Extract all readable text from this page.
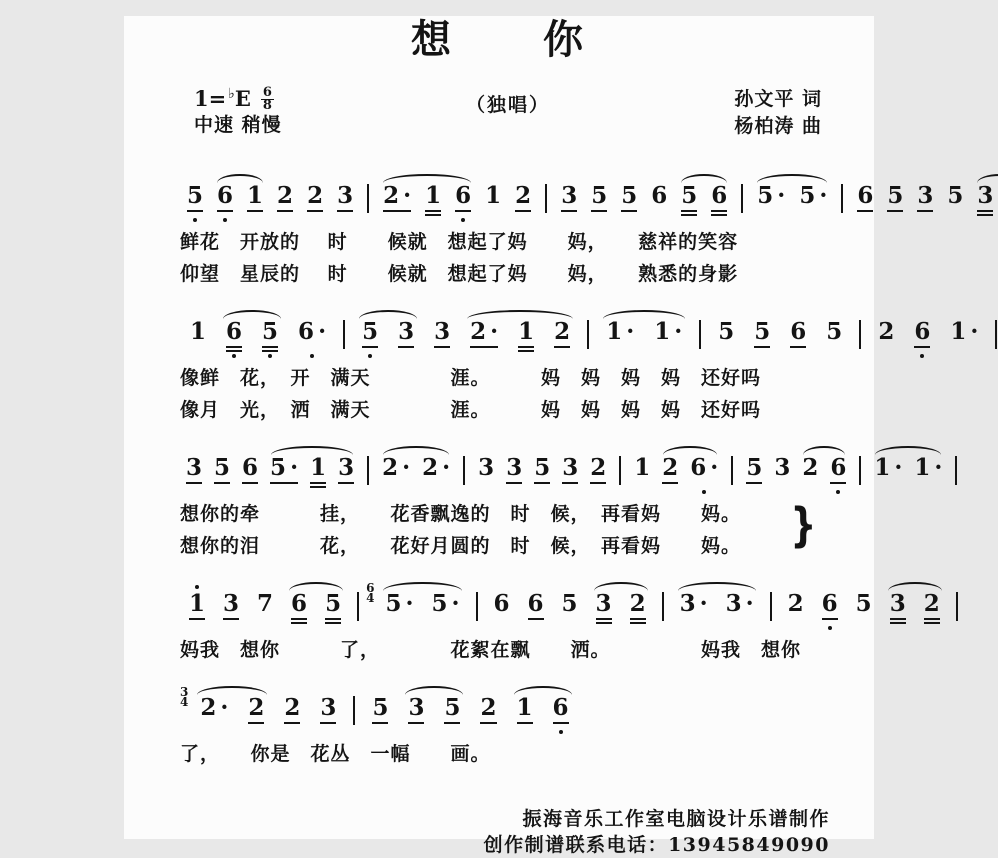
想　　你
1 = ♭ E 6
8
中速 稍慢
（独唱）	孙文平 词
杨柏涛 曲
5 6 1 2 2 3 2 · 1 6 1 2 3 5 5 6 5 6 5 · 5 · 6 5 3 5 3
鲜花　开放的　 时　　候就　想起了妈　　妈，　　慈祥的笑容
仰望　星辰的　 时　　候就　想起了妈　　妈，　　熟悉的身影
1 6 5 6 · 5 3 3 2 · 1 2 1 · 1 · 5 5 6 5 2 6 1 ·
像鲜　花，　开　满天　　　　涯。　　　妈　妈　妈　妈　还好吗
像月　光，　洒　满天　　　　涯。　　　妈　妈　妈　妈　还好吗
3 5 6 5 · 1 3 2 · 2 · 3 3 5 3 2 1 2 6 · 5 3 2 6 1 · 1 ·
想你的牵　　　挂，　　花香飘逸的　时　候，　再看妈　　妈。
想你的泪　　　花，　　花好月圆的　时　候，　再看妈　　妈。	}
1 3 7 6 5
6
4 5 · 5 · 6 6 5 3 2 3 · 3 · 2 6 5 3 2
妈我　想你　　　了，　　　　花絮在飘　　洒。　　　　　妈我　想你
3
4 2 · 2 2 3 5 3 5 2 1 6
了，　　你是　花丛　一幅　　画。
振海音乐工作室电脑设计乐谱制作
创作制谱联系电话：13945849090
